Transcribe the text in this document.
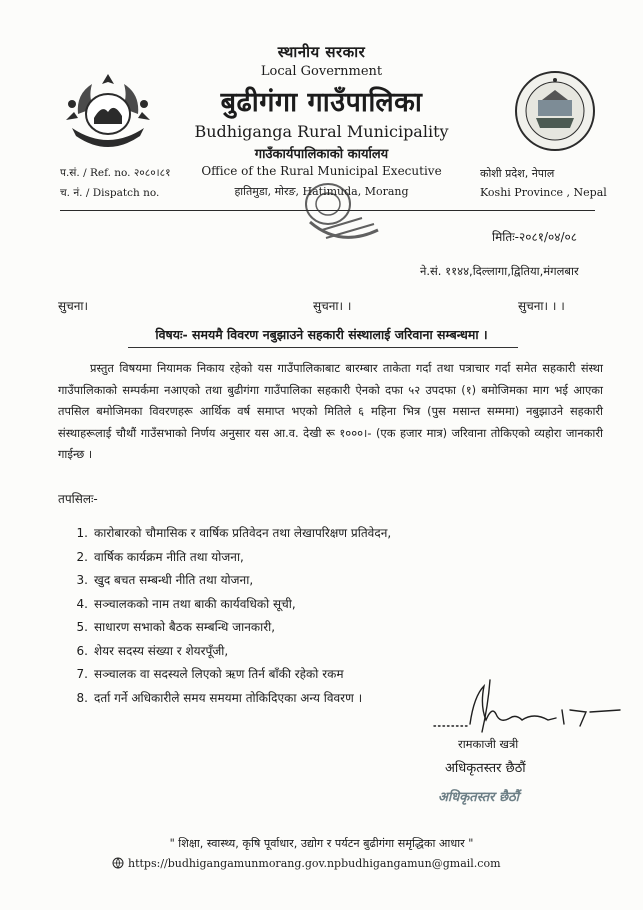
स्थानीय सरकार
Local Government
बुढीगंगा गाउँपालिका
Budhiganga Rural Municipality
गाउँकार्यपालिकाको कार्यालय
Office of the Rural Municipal Executive
हातिमुडा, मोरङ, Hatimuda, Morang
प.सं. / Ref. no. २०८०।८१
च. नं. / Dispatch no.
कोशी प्रदेश, नेपाल
Koshi Province , Nepal
मितिः-२०८१/०४/०८
ने.सं. ११४४,दिल्लागा,द्वितिया,मंगलबार
सुचना।	सुचना। ।	सुचना। । ।
विषयः- समयमै विवरण नबुझाउने सहकारी संस्थालाई जरिवाना सम्बन्धमा ।
प्रस्तुत विषयमा नियामक निकाय रहेको यस गाउँपालिकाबाट बारम्बार ताकेता गर्दा तथा पत्राचार गर्दा समेत सहकारी संस्था गाउँपालिकाको सम्पर्कमा नआएको तथा बुढीगंगा गाउँपालिका सहकारी ऐनको दफा ५२ उपदफा (१) बमोजिमका माग भई आएका तपसिल बमोजिमका विवरणहरू आर्थिक वर्ष समाप्त भएको मितिले ६ महिना भित्र (पुस मसान्त सम्ममा) नबुझाउने सहकारी संस्थाहरूलाई चौथौं गाउँसभाको निर्णय अनुसार यस आ.व. देखी रू १०००।- (एक हजार मात्र) जरिवाना तोकिएको व्यहोरा जानकारी गाईन्छ ।
तपसिलः-
1. कारोबारको चौमासिक र वार्षिक प्रतिवेदन तथा लेखापरिक्षण प्रतिवेदन,
2. वार्षिक कार्यक्रम नीति तथा योजना,
3. खुद बचत सम्बन्धी नीति तथा योजना,
4. सञ्चालकको नाम तथा बाकी कार्यवधिको सूची,
5. साधारण सभाको बैठक सम्बन्धि जानकारी,
6. शेयर सदस्य संख्या र शेयरपूँजी,
7. सञ्चालक वा सदस्यले लिएको ऋण तिर्न बाँकी रहेको रकम
8. दर्ता गर्ने अधिकारीले समय समयमा तोकिदिएका अन्य विवरण ।
रामकाजी खत्री
अधिकृतस्तर छैठौं
अधिकृतस्तर छैठौं
" शिक्षा, स्वास्थ्य, कृषि पूर्वाधार, उद्योग र पर्यटन बुढीगंगा समृद्धिका आधार "
https://budhigangamunmorang.gov.npbudhigangamun@gmail.com
